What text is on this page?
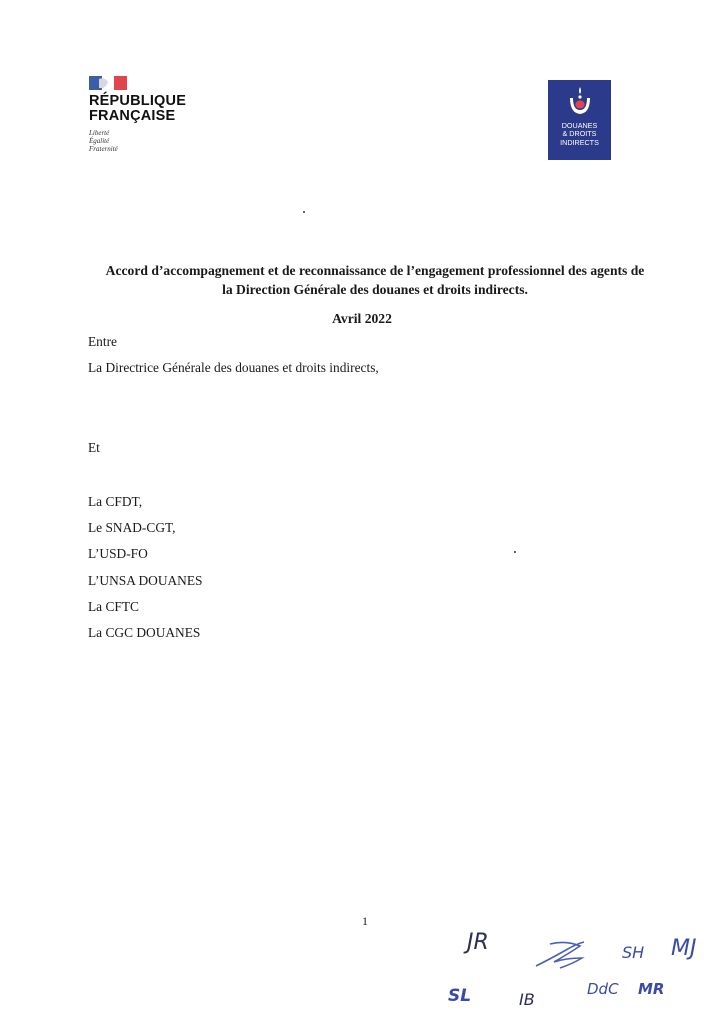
RÉPUBLIQUE
FRANÇAISE
Liberté
Égalité
Fraternité
DOUANES
& DROITS
INDIRECTS
Accord d’accompagnement et de reconnaissance de l’engagement professionnel des agents de
la Direction Générale des douanes et droits indirects.
Avril 2022
Entre
La Directrice Générale des douanes et droits indirects,
Et
La CFDT,
Le SNAD-CGT,
L’USD-FO
L’UNSA DOUANES
La CFTC
La CGC DOUANES
1
JR	SH MJ
SL	IB
DdC MR
